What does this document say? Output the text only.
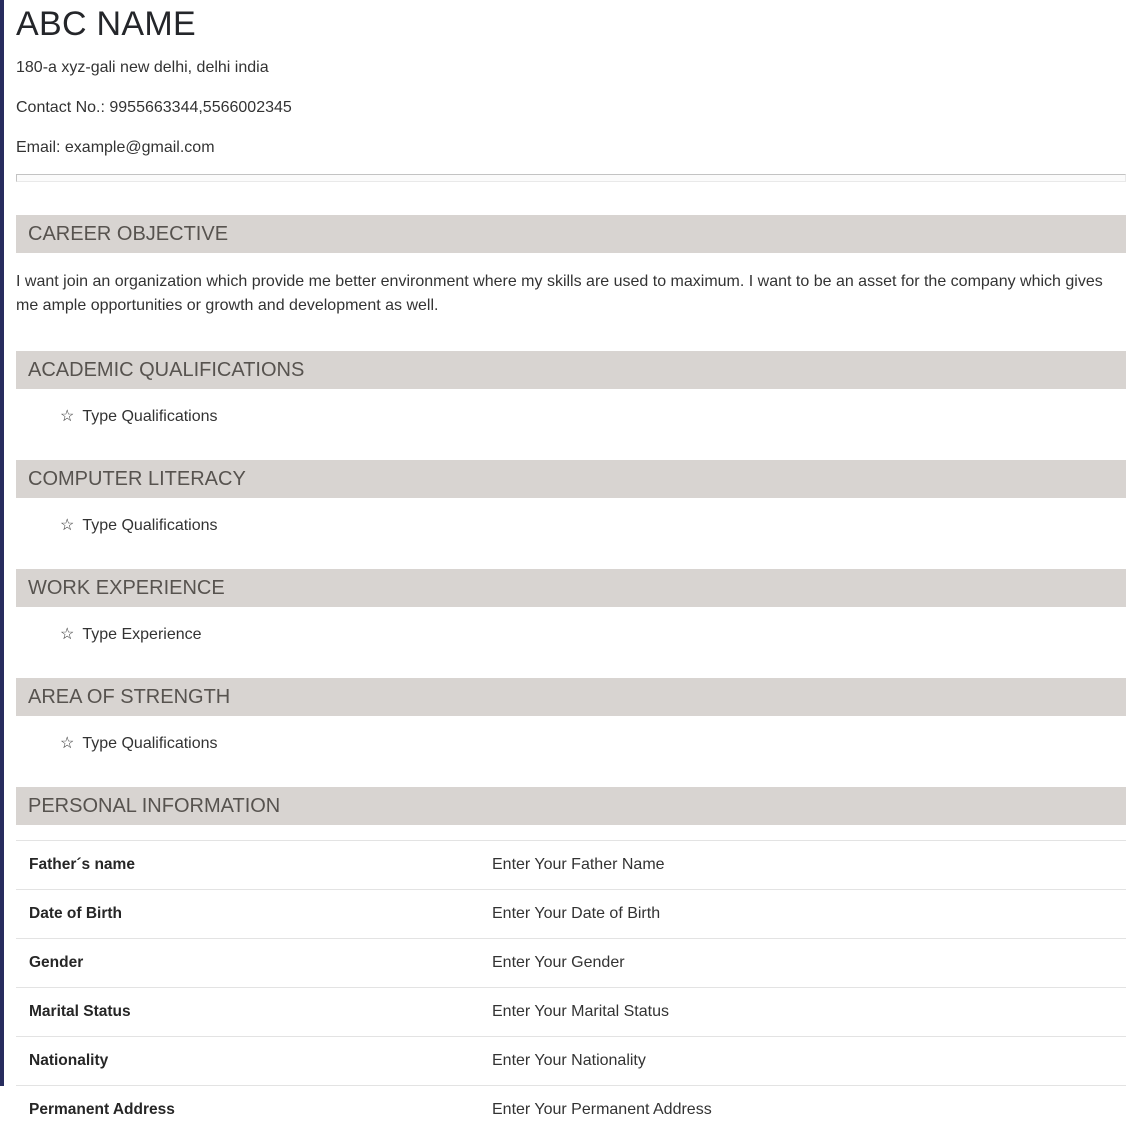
ABC NAME
180-a xyz-gali new delhi, delhi india
Contact No.: 9955663344,5566002345
Email: example@gmail.com
CAREER OBJECTIVE

I want join an organization which provide me better environment where my skills are used to maximum. I want to be an asset for the company which gives me ample opportunities or growth and development as well.

ACADEMIC QUALIFICATIONS
☆ Type Qualifications
COMPUTER LITERACY
☆ Type Qualifications
WORK EXPERIENCE
☆ Type Experience
AREA OF STRENGTH
☆ Type Qualifications
PERSONAL INFORMATION
Father´s name	Enter Your Father Name
Date of Birth	Enter Your Date of Birth
Gender	Enter Your Gender
Marital Status	Enter Your Marital Status
Nationality	Enter Your Nationality
Permanent Address	Enter Your Permanent Address
